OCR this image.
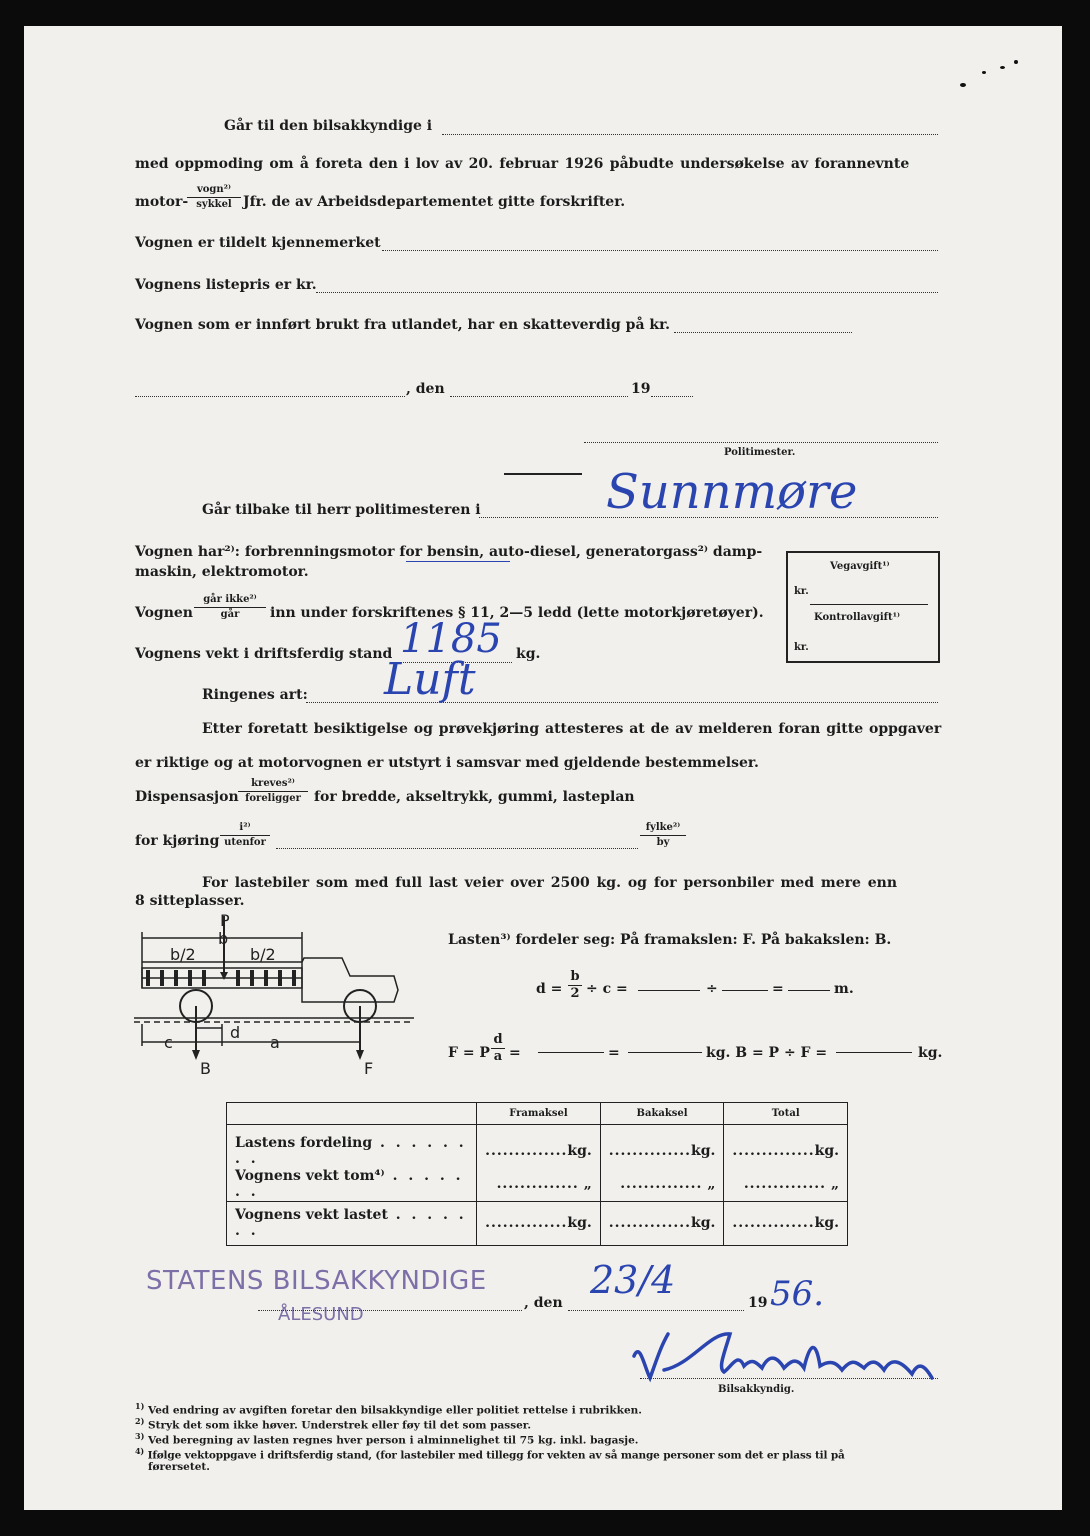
Går til den bilsakkyndige i
med oppmoding om å foreta den i lov av 20. februar 1926 påbudte undersøkelse av forannevnte
motor-
vogn²⁾
sykkel Jfr. de av Arbeidsdepartementet gitte forskrifter.
Vognen er tildelt kjennemerket
Vognens listepris er kr.
Vognen som er innført brukt fra utlandet, har en skatteverdig på kr.
, den	19
Politimester.
Går tilbake til herr politimesteren i	Sunnmøre
Vognen har²⁾: forbrenningsmotor for bensin, auto-diesel, generatorgass²⁾ damp-
maskin, elektromotor.	Vegavgift¹⁾
kr.
Kontrollavgift¹⁾
kr.
Vognen
går ikke²⁾
går	inn under forskriftenes § 11, 2—5 ledd (lette motorkjøretøyer).
Vognens vekt i driftsferdig stand 1185 kg.
Ringenes art: Luft
Etter foretatt besiktigelse og prøvekjøring attesteres at de av melderen foran gitte oppgaver
er riktige og at motorvognen er utstyrt i samsvar med gjeldende bestemmelser.
Dispensasjon
kreves²⁾
foreligger for bredde, akseltrykk, gummi, lasteplan
for kjøring
i²⁾
utenfor
fylke²⁾
by
For lastebiler som med full last veier over 2500 kg. og for personbiler med mere enn
8 sitteplasser.
P
b
b/2	b/2
c
d
a
B	F
Lasten³⁾ fordeler seg: På framakslen: F. På bakakslen: B.
$d = \frac{b}{2} \div c$ =	÷	=	m.
F = P $\frac{d}{a}$ =	=	kg. B = P ÷ F =	kg.
	Framaksel	Bakaksel	Total
Lastens fordeling . . . . . . . .	..............kg.	..............kg.	..............kg.
Vognens vekt tom⁴⁾ . . . . . . .	.............. „	.............. „	.............. „
Vognens vekt lastet . . . . . . .	..............kg.	..............kg.	..............kg.
STATENS BILSAKKYNDIGE
ÅLESUND
, den
23/4
19 56.
Bilsakkyndig.
$^{1)}$ Ved endring av avgiften foretar den bilsakkyndige eller politiet rettelse i rubrikken.
$^{2)}$ Stryk det som ikke høver. Understrek eller føy til det som passer.
$^{3)}$ Ved beregning av lasten regnes hver person i alminnelighet til 75 kg. inkl. bagasje.
$^{4)}$ Ifølge vektoppgave i driftsferdig stand, (for lastebiler med tillegg for vekten av så mange personer som det er plass til på
førersetet.
